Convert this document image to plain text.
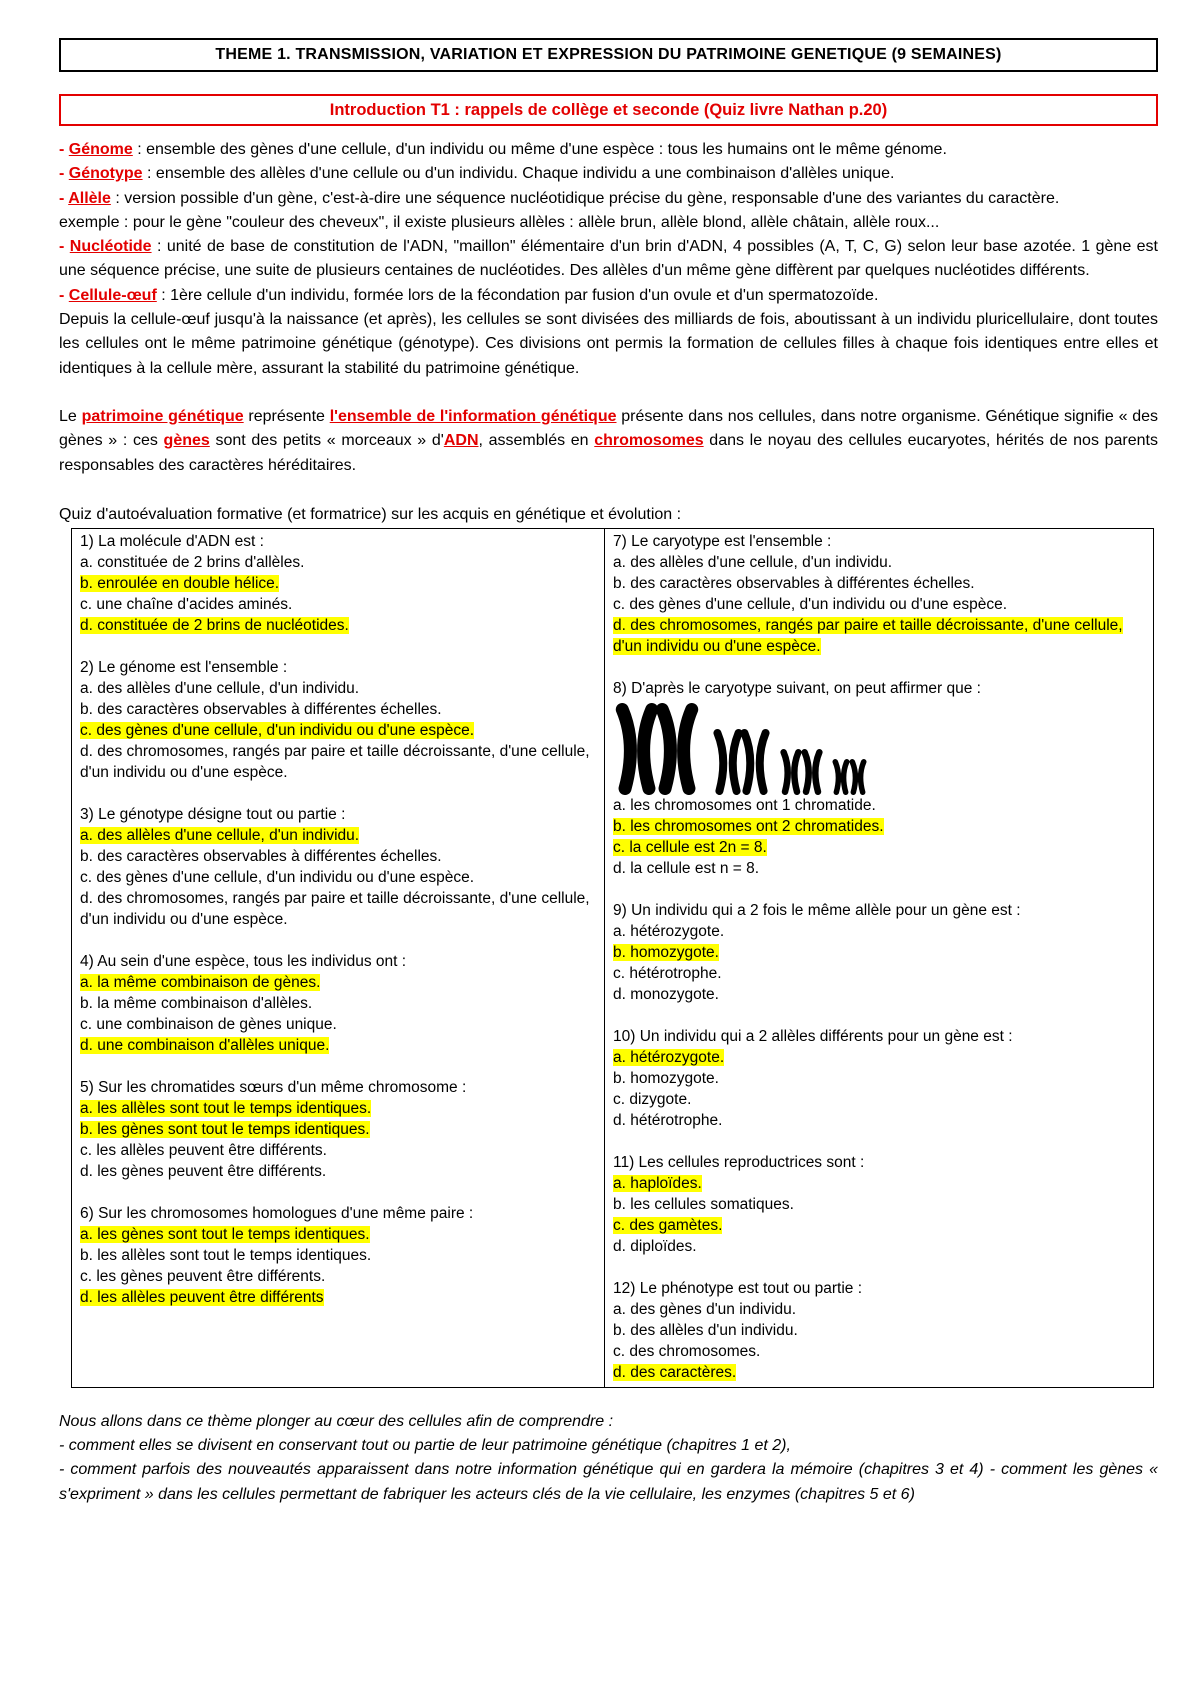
THEME 1. TRANSMISSION, VARIATION ET EXPRESSION DU PATRIMOINE GENETIQUE (9 SEMAINES)
Introduction T1 : rappels de collège et seconde (Quiz livre Nathan p.20)

- Génome : ensemble des gènes d'une cellule, d'un individu ou même d'une espèce : tous les humains ont le même génome.

- Génotype : ensemble des allèles d'une cellule ou d'un individu. Chaque individu a une combinaison d'allèles unique.

- Allèle : version possible d'un gène, c'est-à-dire une séquence nucléotidique précise du gène, responsable d'une des variantes du caractère.

exemple : pour le gène "couleur des cheveux", il existe plusieurs allèles : allèle brun, allèle blond, allèle châtain, allèle roux...

- Nucléotide : unité de base de constitution de l'ADN, "maillon" élémentaire d'un brin d'ADN, 4 possibles (A, T, C, G) selon leur base azotée. 1 gène est une séquence précise, une suite de plusieurs centaines de nucléotides. Des allèles d'un même gène diffèrent par quelques nucléotides différents.

- Cellule-œuf : 1ère cellule d'un individu, formée lors de la fécondation par fusion d'un ovule et d'un spermatozoïde.

Depuis la cellule-œuf jusqu'à la naissance (et après), les cellules se sont divisées des milliards de fois, aboutissant à un individu pluricellulaire, dont toutes les cellules ont le même patrimoine génétique (génotype). Ces divisions ont permis la formation de cellules filles à chaque fois identiques entre elles et identiques à la cellule mère, assurant la stabilité du patrimoine génétique.

Le patrimoine génétique représente l'ensemble de l'information génétique présente dans nos cellules, dans notre organisme. Génétique signifie « des gènes » : ces gènes sont des petits « morceaux » d'ADN, assemblés en chromosomes dans le noyau des cellules eucaryotes, hérités de nos parents responsables des caractères héréditaires.

Quiz d'autoévaluation formative (et formatrice) sur les acquis en génétique et évolution :
1) La molécule d'ADN est :
a. constituée de 2 brins d'allèles.
b. enroulée en double hélice.
c. une chaîne d'acides aminés.
d. constituée de 2 brins de nucléotides.
2) Le génome est l'ensemble :
a. des allèles d'une cellule, d'un individu.
b. des caractères observables à différentes échelles.
c. des gènes d'une cellule, d'un individu ou d'une espèce.
d. des chromosomes, rangés par paire et taille décroissante, d'une cellule, d'un individu ou d'une espèce.
3) Le génotype désigne tout ou partie :
a. des allèles d'une cellule, d'un individu.
b. des caractères observables à différentes échelles.
c. des gènes d'une cellule, d'un individu ou d'une espèce.
d. des chromosomes, rangés par paire et taille décroissante, d'une cellule, d'un individu ou d'une espèce.
4) Au sein d'une espèce, tous les individus ont :
a. la même combinaison de gènes.
b. la même combinaison d'allèles.
c. une combinaison de gènes unique.
d. une combinaison d'allèles unique.
5) Sur les chromatides sœurs d'un même chromosome :
a. les allèles sont tout le temps identiques.
b. les gènes sont tout le temps identiques.
c. les allèles peuvent être différents.
d. les gènes peuvent être différents.
6) Sur les chromosomes homologues d'une même paire :
a. les gènes sont tout le temps identiques.
b. les allèles sont tout le temps identiques.
c. les gènes peuvent être différents.
d. les allèles peuvent être différents
7) Le caryotype est l'ensemble :
a. des allèles d'une cellule, d'un individu.
b. des caractères observables à différentes échelles.
c. des gènes d'une cellule, d'un individu ou d'une espèce.
d. des chromosomes, rangés par paire et taille décroissante, d'une cellule, d'un individu ou d'une espèce.
8) D'après le caryotype suivant, on peut affirmer que :
a. les chromosomes ont 1 chromatide.
b. les chromosomes ont 2 chromatides.
c. la cellule est 2n = 8.
d. la cellule est n = 8.
9) Un individu qui a 2 fois le même allèle pour un gène est :
a. hétérozygote.
b. homozygote.
c. hétérotrophe.
d. monozygote.
10) Un individu qui a 2 allèles différents pour un gène est :
a. hétérozygote.
b. homozygote.
c. dizygote.
d. hétérotrophe.
11) Les cellules reproductrices sont :
a. haploïdes.
b. les cellules somatiques.
c. des gamètes.
d. diploïdes.
12) Le phénotype est tout ou partie :
a. des gènes d'un individu.
b. des allèles d'un individu.
c. des chromosomes.
d. des caractères.

Nous allons dans ce thème plonger au cœur des cellules afin de comprendre :

- comment elles se divisent en conservant tout ou partie de leur patrimoine génétique (chapitres 1 et 2),

- comment parfois des nouveautés apparaissent dans notre information génétique qui en gardera la mémoire (chapitres 3 et 4) - comment les gènes « s'expriment » dans les cellules permettant de fabriquer les acteurs clés de la vie cellulaire, les enzymes (chapitres 5 et 6)
